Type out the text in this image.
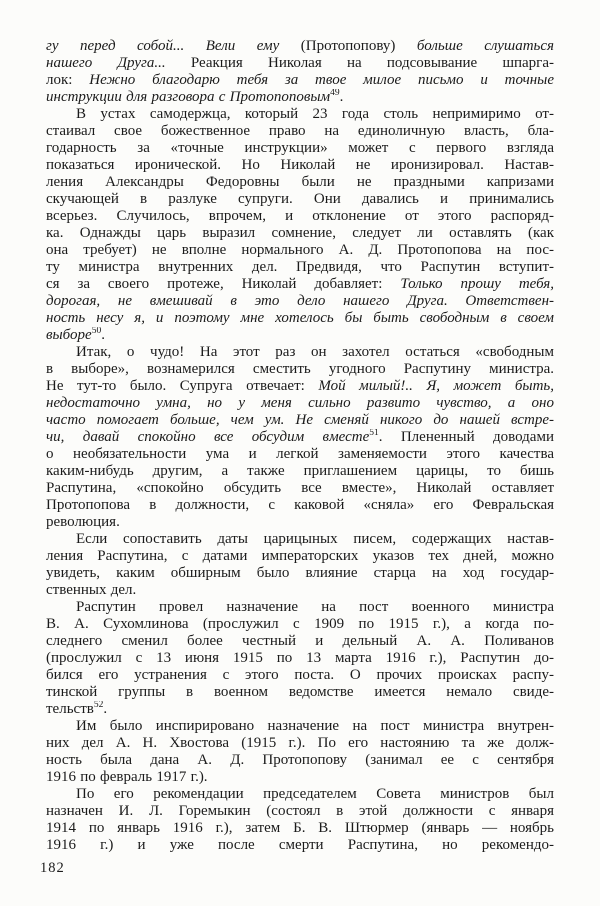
гу перед собой... Вели ему (Протопопову) больше слушаться
нашего Друга... Реакция Николая на подсовывание шпарга-
лок: Нежно благодарю тебя за твое милое письмо и точные
инструкции для разговора с Протопоповым$^{49}$.
В устах самодержца, который 23 года столь непримиримо от-
стаивал свое божественное право на единоличную власть, бла-
годарность за «точные инструкции» может с первого взгляда
показаться иронической. Но Николай не иронизировал. Настав-
ления Александры Федоровны были не праздными капризами
скучающей в разлуке супруги. Они давались и принимались
всерьез. Случилось, впрочем, и отклонение от этого распоряд-
ка. Однажды царь выразил сомнение, следует ли оставлять (как
она требует) не вполне нормального А. Д. Протопопова на пос-
ту министра внутренних дел. Предвидя, что Распутин вступит-
ся за своего протеже, Николай добавляет: Только прошу тебя,
дорогая, не вмешивай в это дело нашего Друга. Ответствен-
ность несу я, и поэтому мне хотелось бы быть свободным в своем
выборе$^{50}$.
Итак, о чудо! На этот раз он захотел остаться «свободным
в выборе», вознамерился сместить угодного Распутину министра.
Не тут-то было. Супруга отвечает: Мой милый!.. Я, может быть,
недостаточно умна, но у меня сильно развито чувство, а оно
часто помогает больше, чем ум. Не сменяй никого до нашей встре-
чи, давай спокойно все обсудим вместе$^{51}$. Плененный доводами
о необязательности ума и легкой заменяемости этого качества
каким-нибудь другим, а также приглашением царицы, то бишь
Распутина, «спокойно обсудить все вместе», Николай оставляет
Протопопова в должности, с каковой «сняла» его Февральская
революция.
Если сопоставить даты царицыных писем, содержащих настав-
ления Распутина, с датами императорских указов тех дней, можно
увидеть, каким обширным было влияние старца на ход государ-
ственных дел.
Распутин провел назначение на пост военного министра
В. А. Сухомлинова (прослужил с 1909 по 1915 г.), а когда по-
следнего сменил более честный и дельный А. А. Поливанов
(прослужил с 13 июня 1915 по 13 марта 1916 г.), Распутин до-
бился его устранения с этого поста. О прочих происках распу-
тинской группы в военном ведомстве имеется немало свиде-
тельств$^{52}$.
Им было инспирировано назначение на пост министра внутрен-
них дел А. Н. Хвостова (1915 г.). По его настоянию та же долж-
ность была дана А. Д. Протопопову (занимал ее с сентября
1916 по февраль 1917 г.).
По его рекомендации председателем Совета министров был
назначен И. Л. Горемыкин (состоял в этой должности с января
1914 по январь 1916 г.), затем Б. В. Штюрмер (январь — ноябрь
1916 г.) и уже после смерти Распутина, но рекомендо-
182
